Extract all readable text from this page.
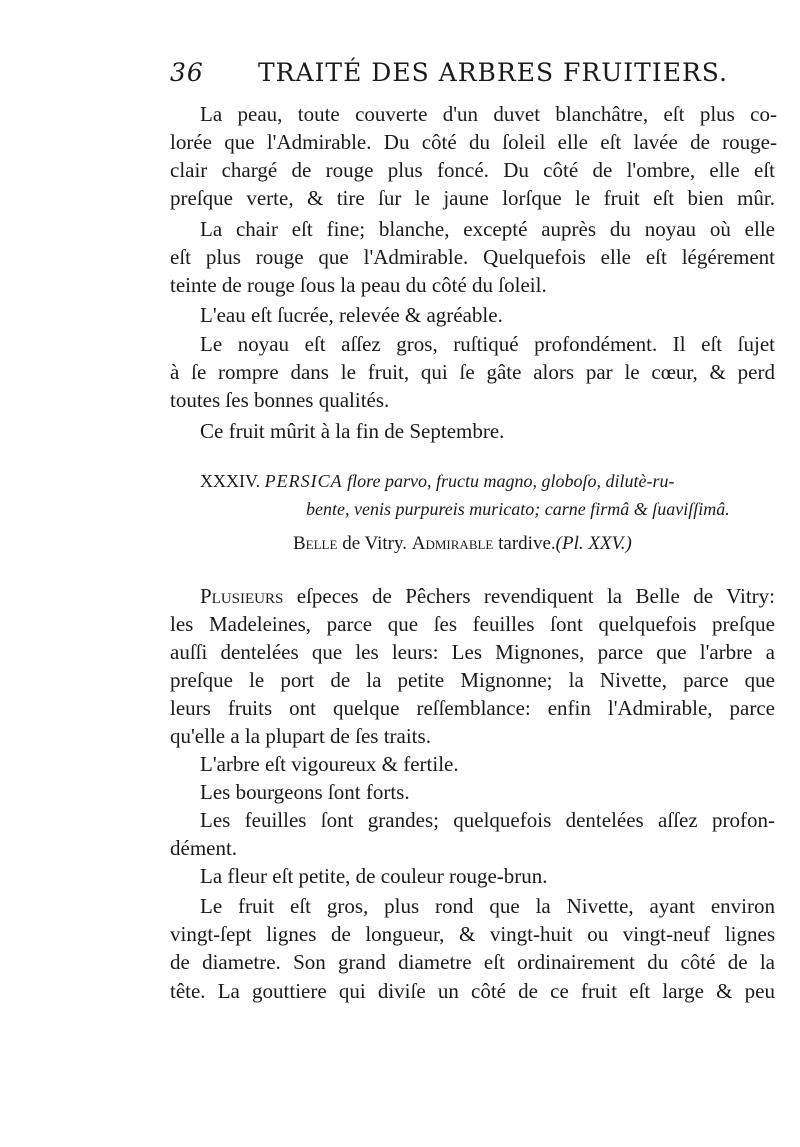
36 TRAITÉ DES ARBRES FRUITIERS.
La peau, toute couverte d'un duvet blanchâtre, eſt plus co-
lorée que l'Admirable. Du côté du ſoleil elle eſt lavée de rouge-
clair chargé de rouge plus foncé. Du côté de l'ombre, elle eſt
preſque verte, & tire ſur le jaune lorſque le fruit eſt bien mûr.
La chair eſt fine; blanche, excepté auprès du noyau où elle
eſt plus rouge que l'Admirable. Quelquefois elle eſt légérement
teinte de rouge ſous la peau du côté du ſoleil.
L'eau eſt ſucrée, relevée & agréable.
Le noyau eſt aſſez gros, ruſtiqué profondément. Il eſt ſujet
à ſe rompre dans le fruit, qui ſe gâte alors par le cœur, & perd
toutes ſes bonnes qualités.
Ce fruit mûrit à la fin de Septembre.
XXXIV. PERSICA flore parvo, fructu magno, globoſo, dilutè-ru-
bente, venis purpureis muricato; carne firmâ & ſuaviſſimâ.
Belle de Vitry. Admirable tardive.(Pl. XXV.)
Plusieurs eſpeces de Pêchers revendiquent la Belle de Vitry:
les Madeleines, parce que ſes feuilles ſont quelquefois preſque
auſſi dentelées que les leurs: Les Mignones, parce que l'arbre a
preſque le port de la petite Mignonne; la Nivette, parce que
leurs fruits ont quelque reſſemblance: enfin l'Admirable, parce
qu'elle a la plupart de ſes traits.
L'arbre eſt vigoureux & fertile.
Les bourgeons ſont forts.
Les feuilles ſont grandes; quelquefois dentelées aſſez profon-
dément.
La fleur eſt petite, de couleur rouge-brun.
Le fruit eſt gros, plus rond que la Nivette, ayant environ
vingt-ſept lignes de longueur, & vingt-huit ou vingt-neuf lignes
de diametre. Son grand diametre eſt ordinairement du côté de la
tête. La gouttiere qui diviſe un côté de ce fruit eſt large & peu
